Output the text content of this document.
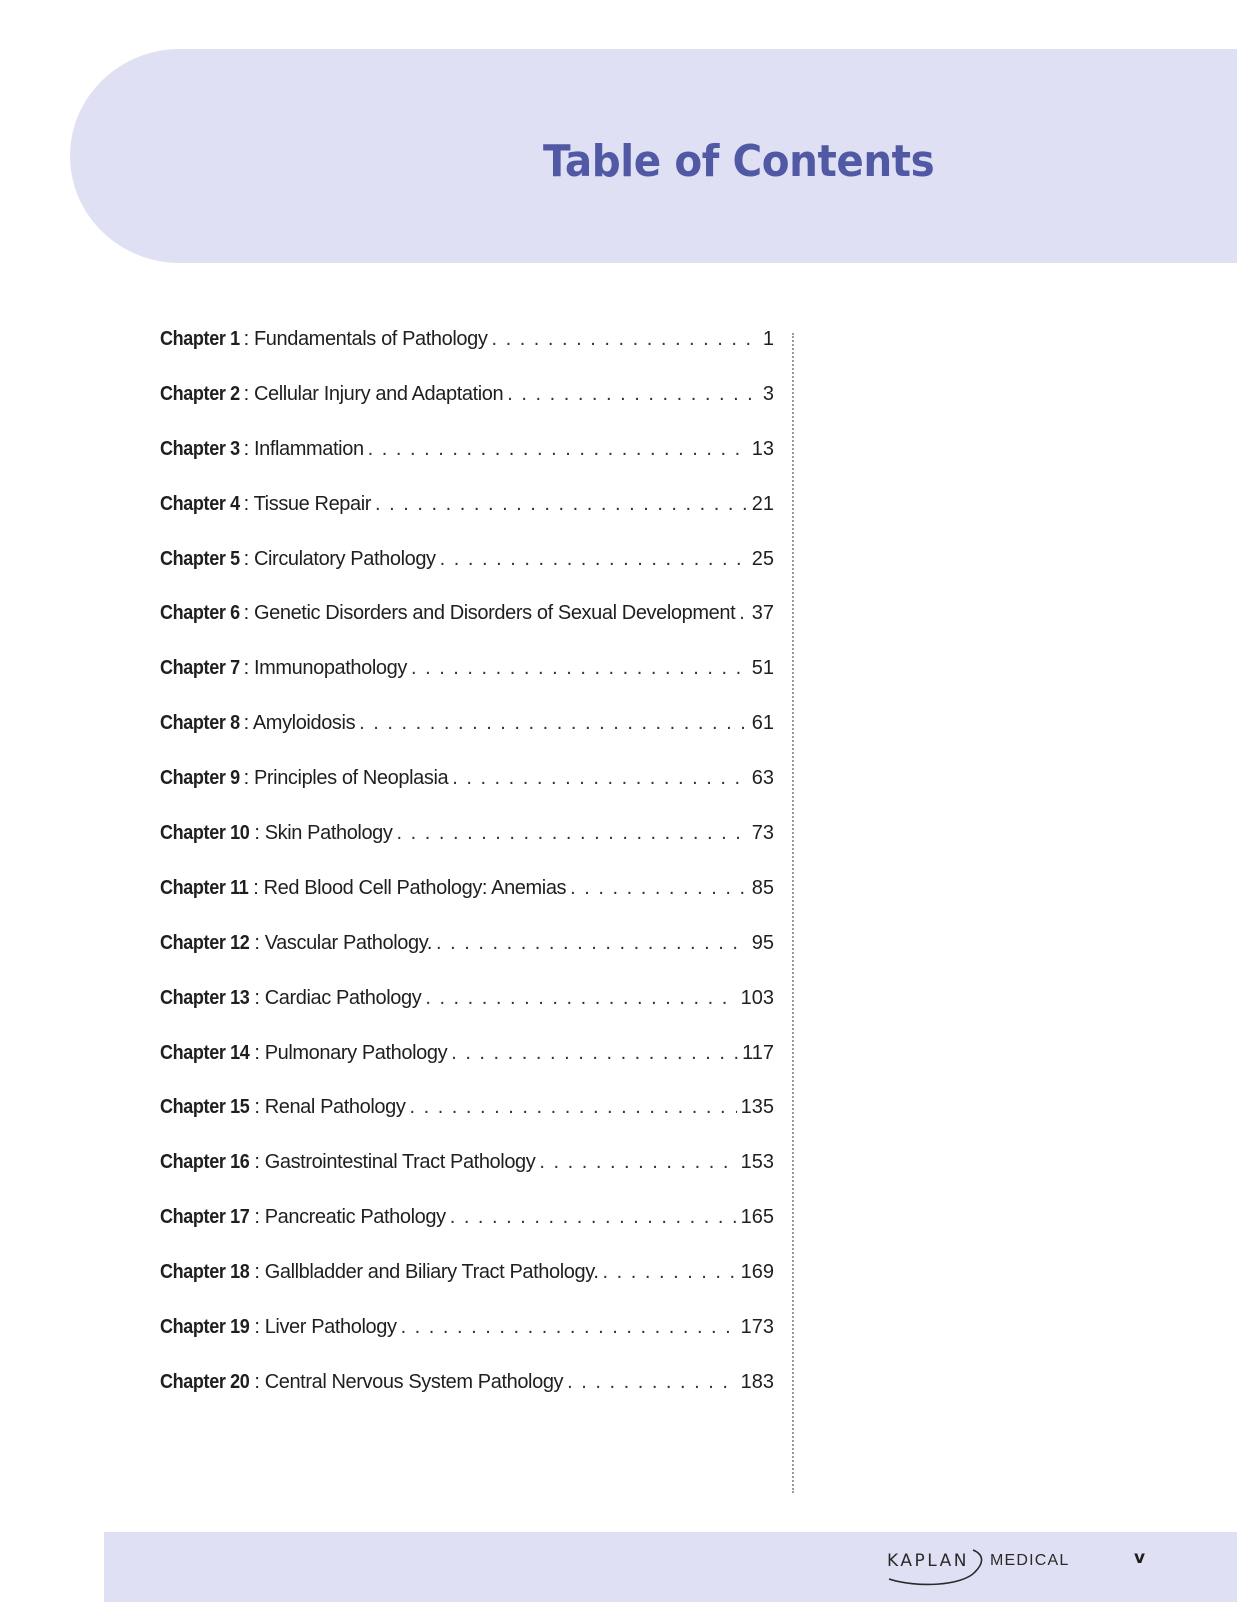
Table of Contents
Chapter 1 : Fundamentals of Pathology . . .	1
Chapter 2 : Cellular Injury and Adaptation . . .	3
Chapter 3 : Inflammation . . .	13
Chapter 4 : Tissue Repair . . .	21
Chapter 5 : Circulatory Pathology . . .	25
Chapter 6 : Genetic Disorders and Disorders of Sexual Development . . . 37
Chapter 7 : Immunopathology . . .	51
Chapter 8 : Amyloidosis . . .	61
Chapter 9 : Principles of Neoplasia . . .	63
Chapter 10 : Skin Pathology . . .	73
Chapter 11 : Red Blood Cell Pathology: Anemias . . .	85
Chapter 12 : Vascular Pathology. . . .	95
Chapter 13 : Cardiac Pathology . . .	103
Chapter 14 : Pulmonary Pathology . . .	117
Chapter 15 : Renal Pathology . . .	135
Chapter 16 : Gastrointestinal Tract Pathology . . .	153
Chapter 17 : Pancreatic Pathology . . .	165
Chapter 18 : Gallbladder and Biliary Tract Pathology. . . .	169
Chapter 19 : Liver Pathology . . .	173
Chapter 20 : Central Nervous System Pathology . . .	183
KAPLAN MEDICAL	v
